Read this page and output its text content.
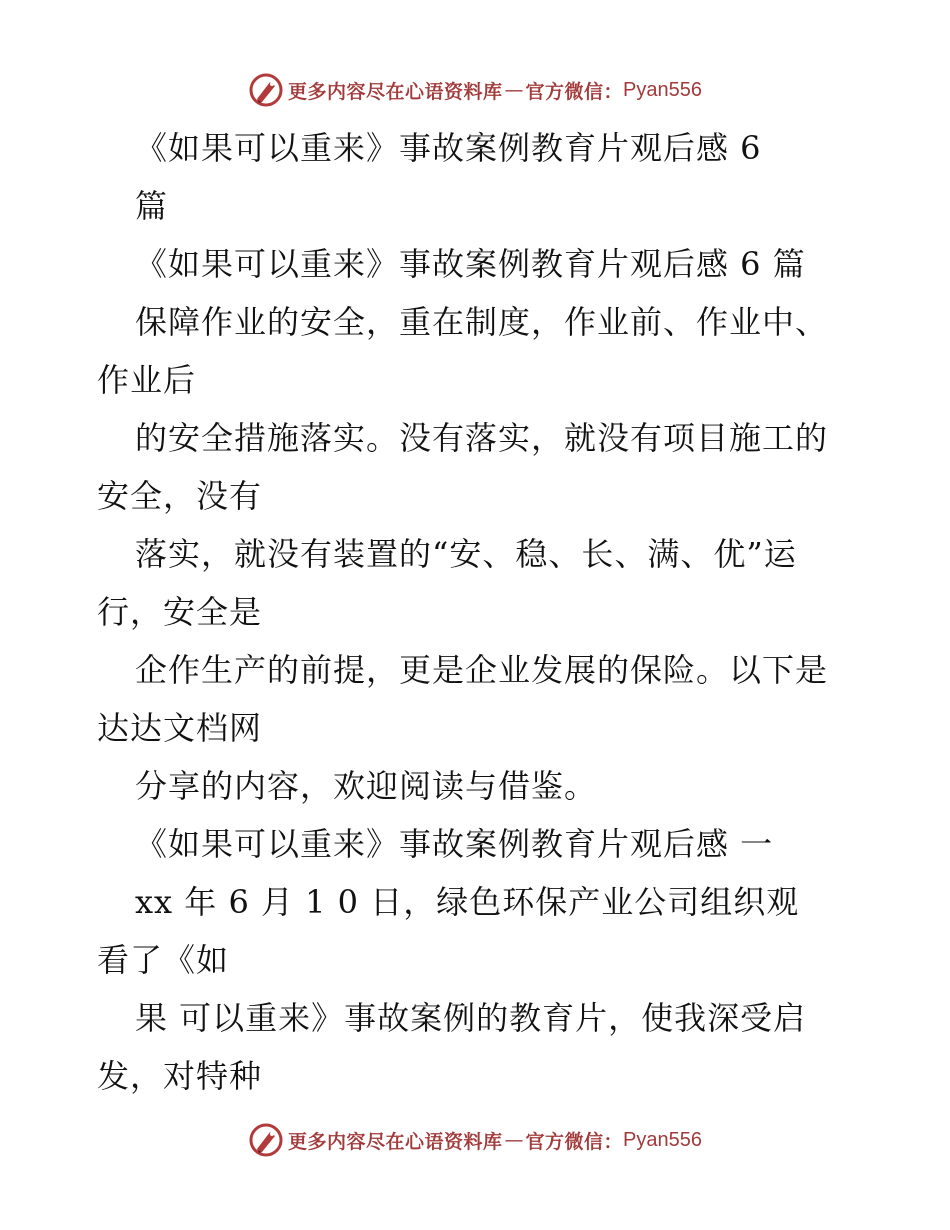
更多内容尽在心语资料库 — 官方微信： Pyan556
《如果可以重来》事故案例教育片观后感 6
篇
《如果可以重来》事故案例教育片观后感 6 篇
保障作业的安全，重在制度，作业前、作业中、
作业后
的安全措施落实。没有落实，就没有项目施工的
安全，没有
落实，就没有装置的“安、稳、长、满、优”运
行，安全是
企作生产的前提，更是企业发展的保险。以下是
达达文档网
分享的内容，欢迎阅读与借鉴。
《如果可以重来》事故案例教育片观后感 一
xx 年 6 月 1 0 日，绿色环保产业公司组织观
看了《如
果 可以重来》事故案例的教育片，使我深受启
发，对特种
更多内容尽在心语资料库 — 官方微信： Pyan556
